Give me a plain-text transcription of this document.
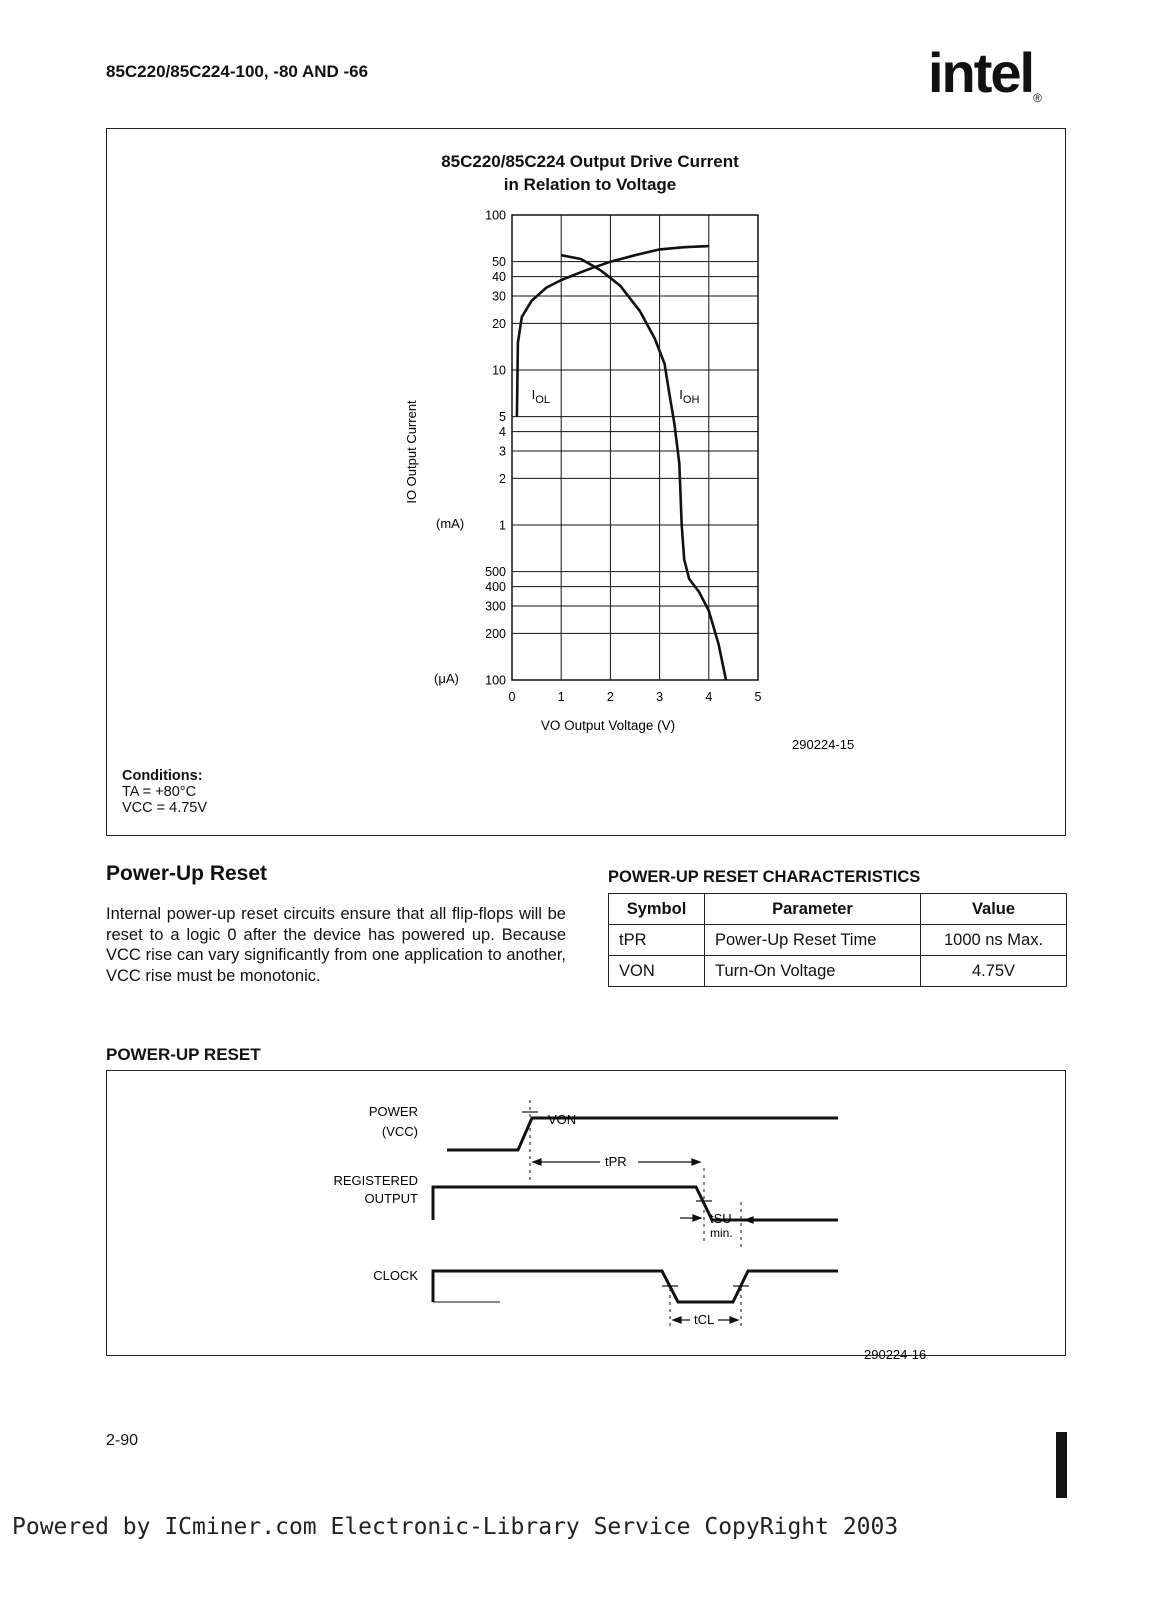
85C220/85C224-100, -80 AND -66	intel®
85C220/85C224 Output Drive Current
in Relation to Voltage
100
50
40
30
20
10
5
4
3
2
1
500
400
300
200
100
0	1	2	3	4	5
$I_{OL}$	$I_{OH}$
IO Output Current
(mA)
(μA)
VO Output Voltage (V)
290224-15
Conditions:
TA = +80°C
VCC = 4.75V
Power-Up Reset
Internal power-up reset circuits ensure that all flip-flops will be reset to a logic 0 after the device has powered up. Because VCC rise can vary significantly from one application to another, VCC rise must be monotonic.
POWER-UP RESET CHARACTERISTICS
Symbol	Parameter	Value
tPR	Power-Up Reset Time	1000 ns Max.
VON	Turn-On Voltage	4.75V
POWER-UP RESET
POWER
(VCC)
REGISTERED
OUTPUT
CLOCK
VON
tPR
tSU
min.
tCL
290224-16
2-90
Powered by ICminer.com Electronic-Library Service CopyRight 2003
